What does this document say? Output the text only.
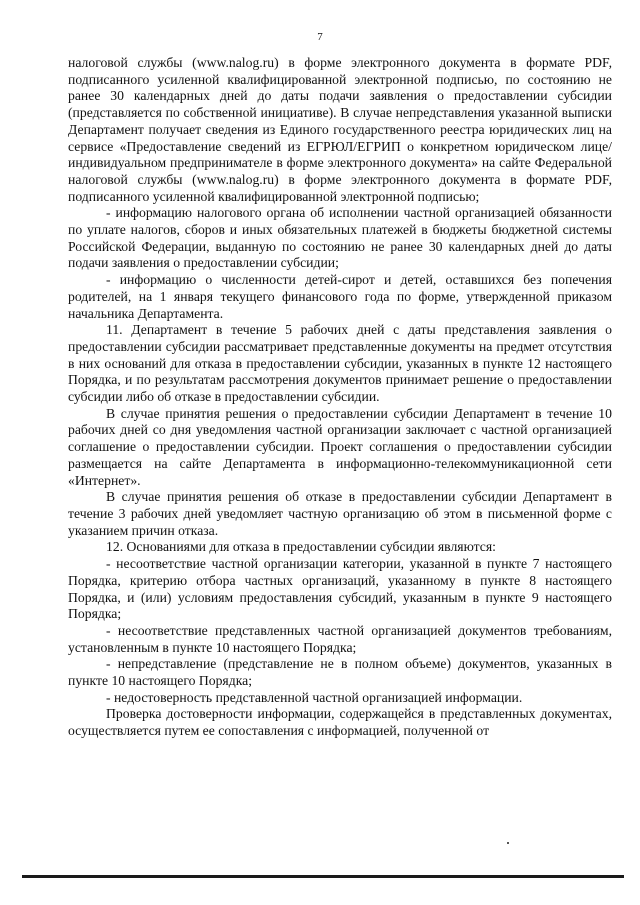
7

налоговой службы (www.nalog.ru) в форме электронного документа в формате PDF, подписанного усиленной квалифицированной электронной подписью, по состоянию не ранее 30 календарных дней до даты подачи заявления о предоставлении субсидии (представляется по собственной инициативе). В случае непредставления указанной выписки Департамент получает сведения из Единого государственного реестра юридических лиц на сервисе «Предоставление сведений из ЕГРЮЛ/ЕГРИП о конкретном юридическом лице/индивидуальном предпринимателе в форме электронного документа» на сайте Федеральной налоговой службы (www.nalog.ru) в форме электронного документа в формате PDF, подписанного усиленной квалифицированной электронной подписью;

- информацию налогового органа об исполнении частной организацией обязанности по уплате налогов, сборов и иных обязательных платежей в бюджеты бюджетной системы Российской Федерации, выданную по состоянию не ранее 30 календарных дней до даты подачи заявления о предоставлении субсидии;

- информацию о численности детей-сирот и детей, оставшихся без попечения родителей, на 1 января текущего финансового года по форме, утвержденной приказом начальника Департамента.

11. Департамент в течение 5 рабочих дней с даты представления заявления о предоставлении субсидии рассматривает представленные документы на предмет отсутствия в них оснований для отказа в предоставлении субсидии, указанных в пункте 12 настоящего Порядка, и по результатам рассмотрения документов принимает решение о предоставлении субсидии либо об отказе в предоставлении субсидии.

В случае принятия решения о предоставлении субсидии Департамент в течение 10 рабочих дней со дня уведомления частной организации заключает с частной организацией соглашение о предоставлении субсидии. Проект соглашения о предоставлении субсидии размещается на сайте Департамента в информационно-телекоммуникационной сети «Интернет».

В случае принятия решения об отказе в предоставлении субсидии Департамент в течение 3 рабочих дней уведомляет частную организацию об этом в письменной форме с указанием причин отказа.

12. Основаниями для отказа в предоставлении субсидии являются:

- несоответствие частной организации категории, указанной в пункте 7 настоящего Порядка, критерию отбора частных организаций, указанному в пункте 8 настоящего Порядка, и (или) условиям предоставления субсидий, указанным в пункте 9 настоящего Порядка;

- несоответствие представленных частной организацией документов требованиям, установленным в пункте 10 настоящего Порядка;

- непредставление (представление не в полном объеме) документов, указанных в пункте 10 настоящего Порядка;

- недостоверность представленной частной организацией информации.

Проверка достоверности информации, содержащейся в представленных документах, осуществляется путем ее сопоставления с информацией, полученной от
